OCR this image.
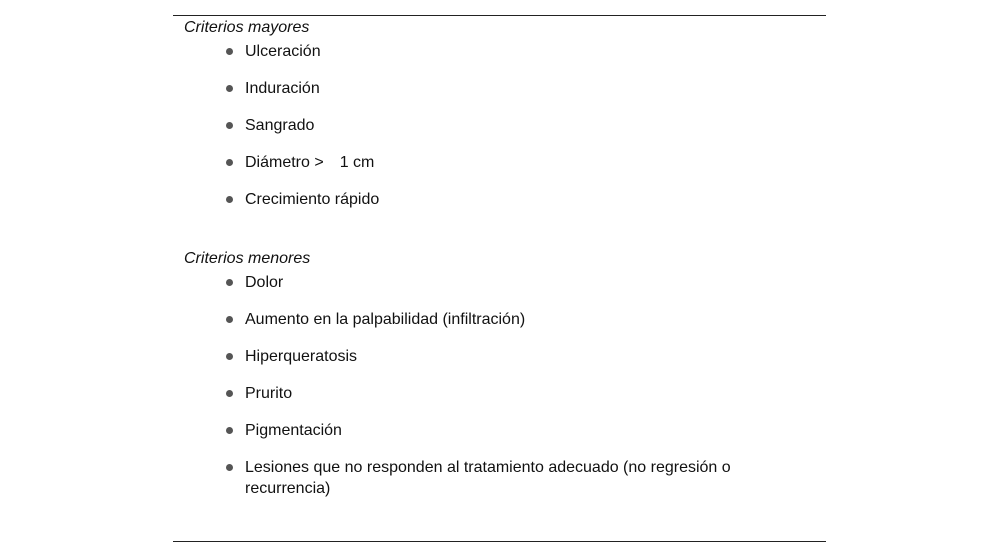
Criterios mayores
Ulceración
Induración
Sangrado
Diámetro > 1 cm
Crecimiento rápido
Criterios menores
Dolor
Aumento en la palpabilidad (infiltración)
Hiperqueratosis
Prurito
Pigmentación
Lesiones que no responden al tratamiento adecuado (no regresión o recurrencia)
